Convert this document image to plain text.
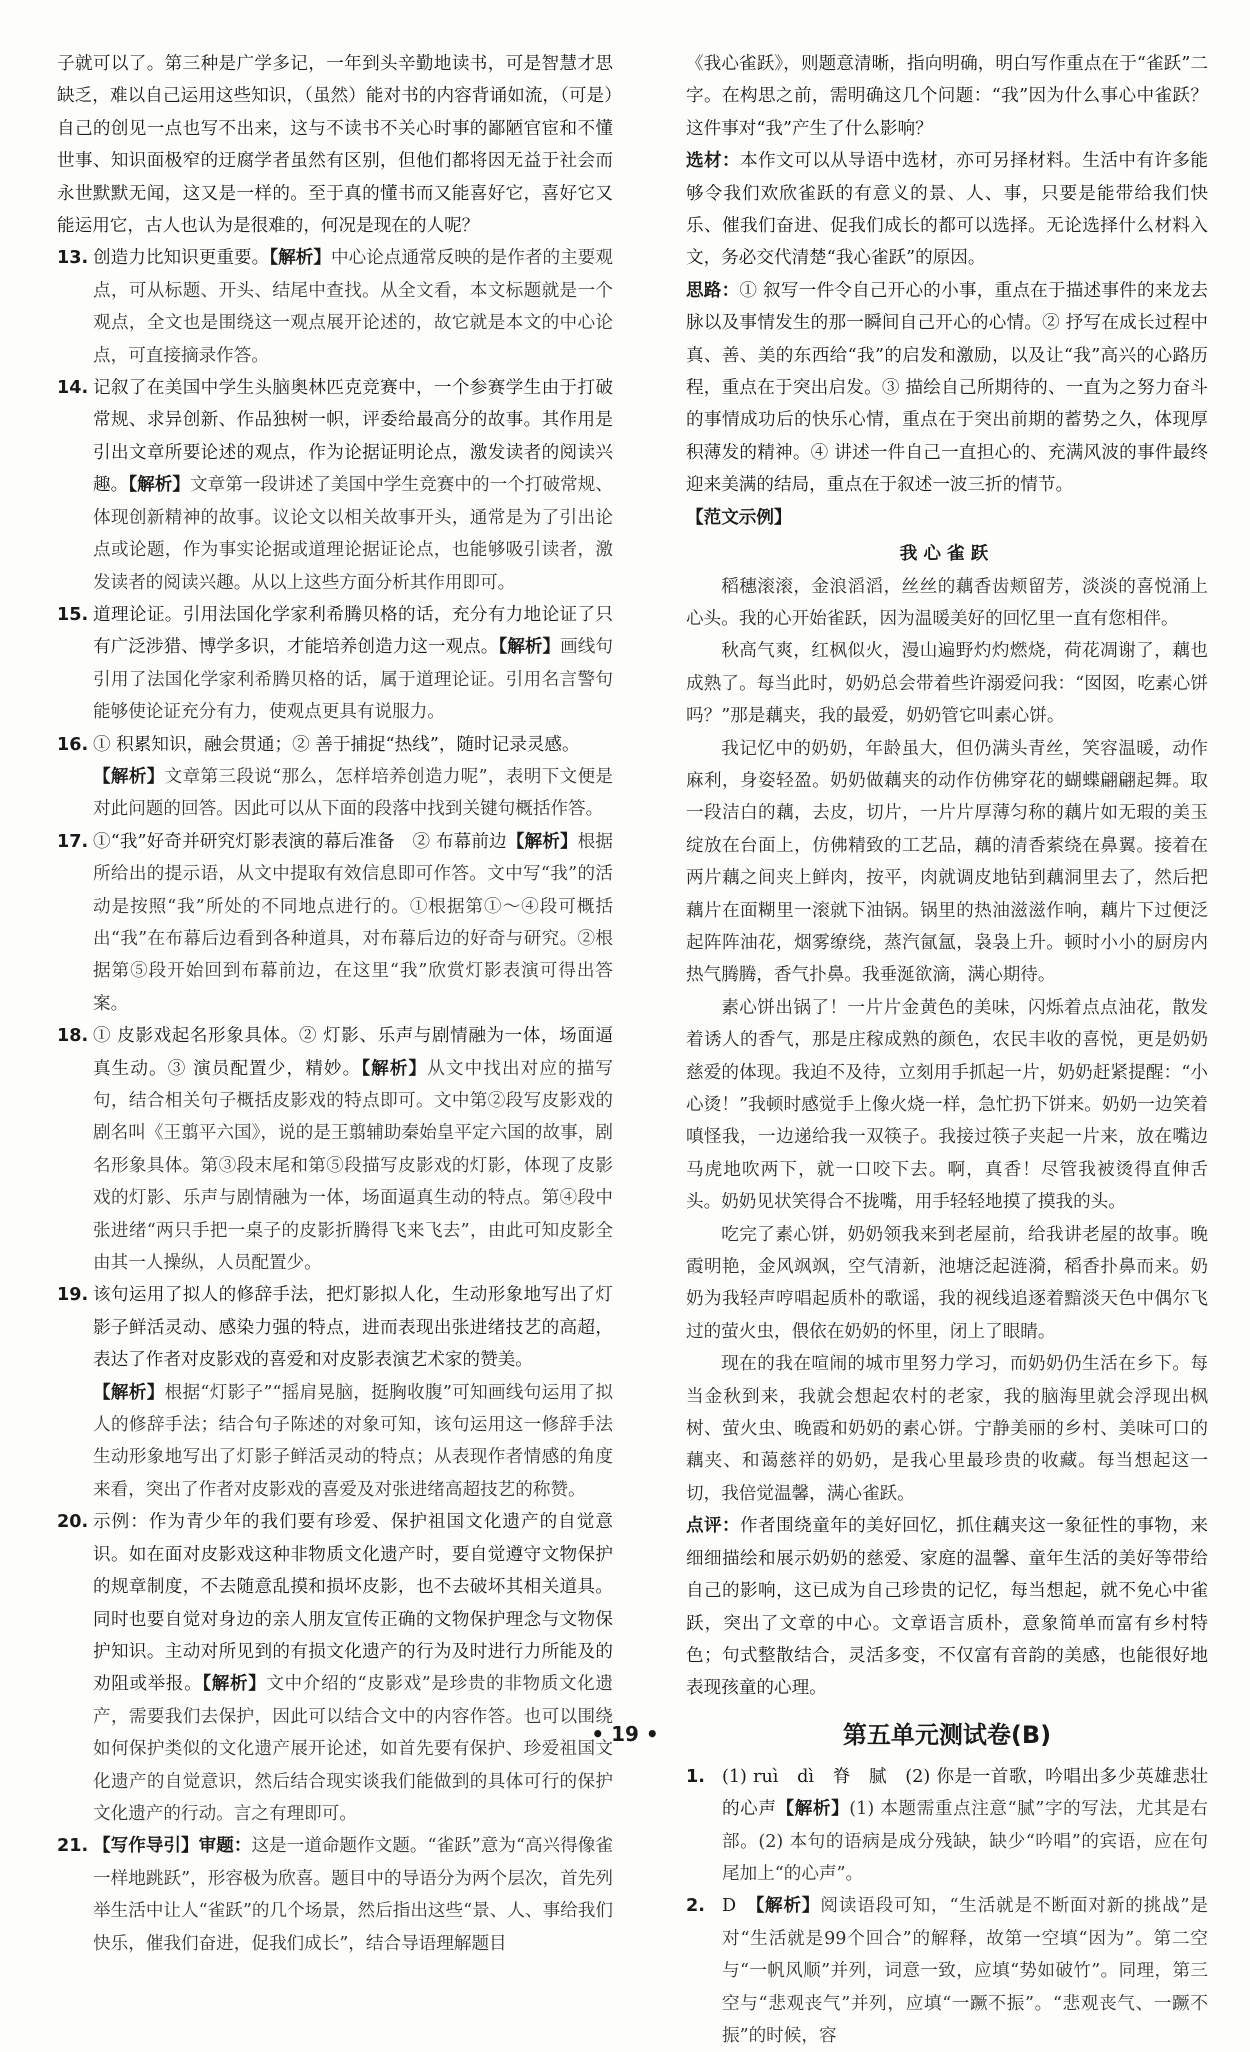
子就可以了。第三种是广学多记，一年到头辛勤地读书，可是智慧才思缺乏，难以自己运用这些知识，（虽然）能对书的内容背诵如流，（可是）自己的创见一点也写不出来，这与不读书不关心时事的鄙陋官宦和不懂世事、知识面极窄的迂腐学者虽然有区别，但他们都将因无益于社会而永世默默无闻，这又是一样的。至于真的懂书而又能喜好它，喜好它又能运用它，古人也认为是很难的，何况是现在的人呢？

13. 创造力比知识更重要。【解析】中心论点通常反映的是作者的主要观点，可从标题、开头、结尾中查找。从全文看，本文标题就是一个观点，全文也是围绕这一观点展开论述的，故它就是本文的中心论点，可直接摘录作答。

14. 记叙了在美国中学生头脑奥林匹克竞赛中，一个参赛学生由于打破常规、求异创新、作品独树一帜，评委给最高分的故事。其作用是引出文章所要论述的观点，作为论据证明论点，激发读者的阅读兴趣。【解析】文章第一段讲述了美国中学生竞赛中的一个打破常规、体现创新精神的故事。议论文以相关故事开头，通常是为了引出论点或论题，作为事实论据或道理论据证论点，也能够吸引读者，激发读者的阅读兴趣。从以上这些方面分析其作用即可。

15. 道理论证。引用法国化学家利希腾贝格的话，充分有力地论证了只有广泛涉猎、博学多识，才能培养创造力这一观点。【解析】画线句引用了法国化学家利希腾贝格的话，属于道理论证。引用名言警句能够使论证充分有力，使观点更具有说服力。

16. ① 积累知识，融会贯通；② 善于捕捉“热线”，随时记录灵感。

【解析】文章第三段说“那么，怎样培养创造力呢”，表明下文便是对此问题的回答。因此可以从下面的段落中找到关键句概括作答。

17. ①“我”好奇并研究灯影表演的幕后准备　② 布幕前边【解析】根据所给出的提示语，从文中提取有效信息即可作答。文中写“我”的活动是按照“我”所处的不同地点进行的。①根据第①～④段可概括出“我”在布幕后边看到各种道具，对布幕后边的好奇与研究。②根据第⑤段开始回到布幕前边，在这里“我”欣赏灯影表演可得出答案。

18. ① 皮影戏起名形象具体。② 灯影、乐声与剧情融为一体，场面逼真生动。③ 演员配置少，精妙。【解析】从文中找出对应的描写句，结合相关句子概括皮影戏的特点即可。文中第②段写皮影戏的剧名叫《王翦平六国》，说的是王翦辅助秦始皇平定六国的故事，剧名形象具体。第③段末尾和第⑤段描写皮影戏的灯影，体现了皮影戏的灯影、乐声与剧情融为一体，场面逼真生动的特点。第④段中张进绪“两只手把一桌子的皮影折腾得飞来飞去”，由此可知皮影全由其一人操纵，人员配置少。

19. 该句运用了拟人的修辞手法，把灯影拟人化，生动形象地写出了灯影子鲜活灵动、感染力强的特点，进而表现出张进绪技艺的高超，表达了作者对皮影戏的喜爱和对皮影表演艺术家的赞美。

【解析】根据“灯影子”“摇肩晃脑，挺胸收腹”可知画线句运用了拟人的修辞手法；结合句子陈述的对象可知，该句运用这一修辞手法生动形象地写出了灯影子鲜活灵动的特点；从表现作者情感的角度来看，突出了作者对皮影戏的喜爱及对张进绪高超技艺的称赞。

20. 示例：作为青少年的我们要有珍爱、保护祖国文化遗产的自觉意识。如在面对皮影戏这种非物质文化遗产时，要自觉遵守文物保护的规章制度，不去随意乱摸和损坏皮影，也不去破坏其相关道具。同时也要自觉对身边的亲人朋友宣传正确的文物保护理念与文物保护知识。主动对所见到的有损文化遗产的行为及时进行力所能及的劝阻或举报。【解析】文中介绍的“皮影戏”是珍贵的非物质文化遗产，需要我们去保护，因此可以结合文中的内容作答。也可以围绕如何保护类似的文化遗产展开论述，如首先要有保护、珍爱祖国文化遗产的自觉意识，然后结合现实谈我们能做到的具体可行的保护文化遗产的行动。言之有理即可。

21. 【写作导引】审题：这是一道命题作文题。“雀跃”意为“高兴得像雀一样地跳跃”，形容极为欣喜。题目中的导语分为两个层次，首先列举生活中让人“雀跃”的几个场景，然后指出这些“景、人、事给我们快乐，催我们奋进，促我们成长”，结合导语理解题目

《我心雀跃》，则题意清晰，指向明确，明白写作重点在于“雀跃”二字。在构思之前，需明确这几个问题：“我”因为什么事心中雀跃？这件事对“我”产生了什么影响？

选材：本作文可以从导语中选材，亦可另择材料。生活中有许多能够令我们欢欣雀跃的有意义的景、人、事，只要是能带给我们快乐、催我们奋进、促我们成长的都可以选择。无论选择什么材料入文，务必交代清楚“我心雀跃”的原因。

思路：① 叙写一件令自己开心的小事，重点在于描述事件的来龙去脉以及事情发生的那一瞬间自己开心的心情。② 抒写在成长过程中真、善、美的东西给“我”的启发和激励，以及让“我”高兴的心路历程，重点在于突出启发。③ 描绘自己所期待的、一直为之努力奋斗的事情成功后的快乐心情，重点在于突出前期的蓄势之久，体现厚积薄发的精神。④ 讲述一件自己一直担心的、充满风波的事件最终迎来美满的结局，重点在于叙述一波三折的情节。

【范文示例】

我心雀跃

稻穗滚滚，金浪滔滔，丝丝的藕香齿颊留芳，淡淡的喜悦涌上心头。我的心开始雀跃，因为温暖美好的回忆里一直有您相伴。

秋高气爽，红枫似火，漫山遍野灼灼燃烧，荷花凋谢了，藕也成熟了。每当此时，奶奶总会带着些许溺爱问我：“囡囡，吃素心饼吗？”那是藕夹，我的最爱，奶奶管它叫素心饼。

我记忆中的奶奶，年龄虽大，但仍满头青丝，笑容温暖，动作麻利，身姿轻盈。奶奶做藕夹的动作仿佛穿花的蝴蝶翩翩起舞。取一段洁白的藕，去皮，切片，一片片厚薄匀称的藕片如无瑕的美玉绽放在台面上，仿佛精致的工艺品，藕的清香萦绕在鼻翼。接着在两片藕之间夹上鲜肉，按平，肉就调皮地钻到藕洞里去了，然后把藕片在面糊里一滚就下油锅。锅里的热油滋滋作响，藕片下过便泛起阵阵油花，烟雾缭绕，蒸汽氤氲，袅袅上升。顿时小小的厨房内热气腾腾，香气扑鼻。我垂涎欲滴，满心期待。

素心饼出锅了！一片片金黄色的美味，闪烁着点点油花，散发着诱人的香气，那是庄稼成熟的颜色，农民丰收的喜悦，更是奶奶慈爱的体现。我迫不及待，立刻用手抓起一片，奶奶赶紧提醒：“小心烫！”我顿时感觉手上像火烧一样，急忙扔下饼来。奶奶一边笑着嗔怪我，一边递给我一双筷子。我接过筷子夹起一片来，放在嘴边马虎地吹两下，就一口咬下去。啊，真香！尽管我被烫得直伸舌头。奶奶见状笑得合不拢嘴，用手轻轻地摸了摸我的头。

吃完了素心饼，奶奶领我来到老屋前，给我讲老屋的故事。晚霞明艳，金风飒飒，空气清新，池塘泛起涟漪，稻香扑鼻而来。奶奶为我轻声哼唱起质朴的歌谣，我的视线追逐着黯淡天色中偶尔飞过的萤火虫，偎依在奶奶的怀里，闭上了眼睛。

现在的我在喧闹的城市里努力学习，而奶奶仍生活在乡下。每当金秋到来，我就会想起农村的老家，我的脑海里就会浮现出枫树、萤火虫、晚霞和奶奶的素心饼。宁静美丽的乡村、美味可口的藕夹、和蔼慈祥的奶奶，是我心里最珍贵的收藏。每当想起这一切，我倍觉温馨，满心雀跃。

点评：作者围绕童年的美好回忆，抓住藕夹这一象征性的事物，来细细描绘和展示奶奶的慈爱、家庭的温馨、童年生活的美好等带给自己的影响，这已成为自己珍贵的记忆，每当想起，就不免心中雀跃，突出了文章的中心。文章语言质朴，意象简单而富有乡村特色；句式整散结合，灵活多变，不仅富有音韵的美感，也能很好地表现孩童的心理。

第五单元测试卷(B)
1. (1) ruì　dì　脊　腻　(2) 你是一首歌，吟唱出多少英雄悲壮的心声【解析】(1) 本题需重点注意“腻”字的写法，尤其是右部。(2) 本句的语病是成分残缺，缺少“吟唱”的宾语，应在句尾加上“的心声”。

2. D　 【解析】阅读语段可知，“生活就是不断面对新的挑战”是对“生活就是99个回合”的解释，故第一空填“因为”。第二空与“一帆风顺”并列，词意一致，应填“势如破竹”。同理，第三空与“悲观丧气”并列，应填“一蹶不振”。“悲观丧气、一蹶不振”的时候，容

• 19 •
